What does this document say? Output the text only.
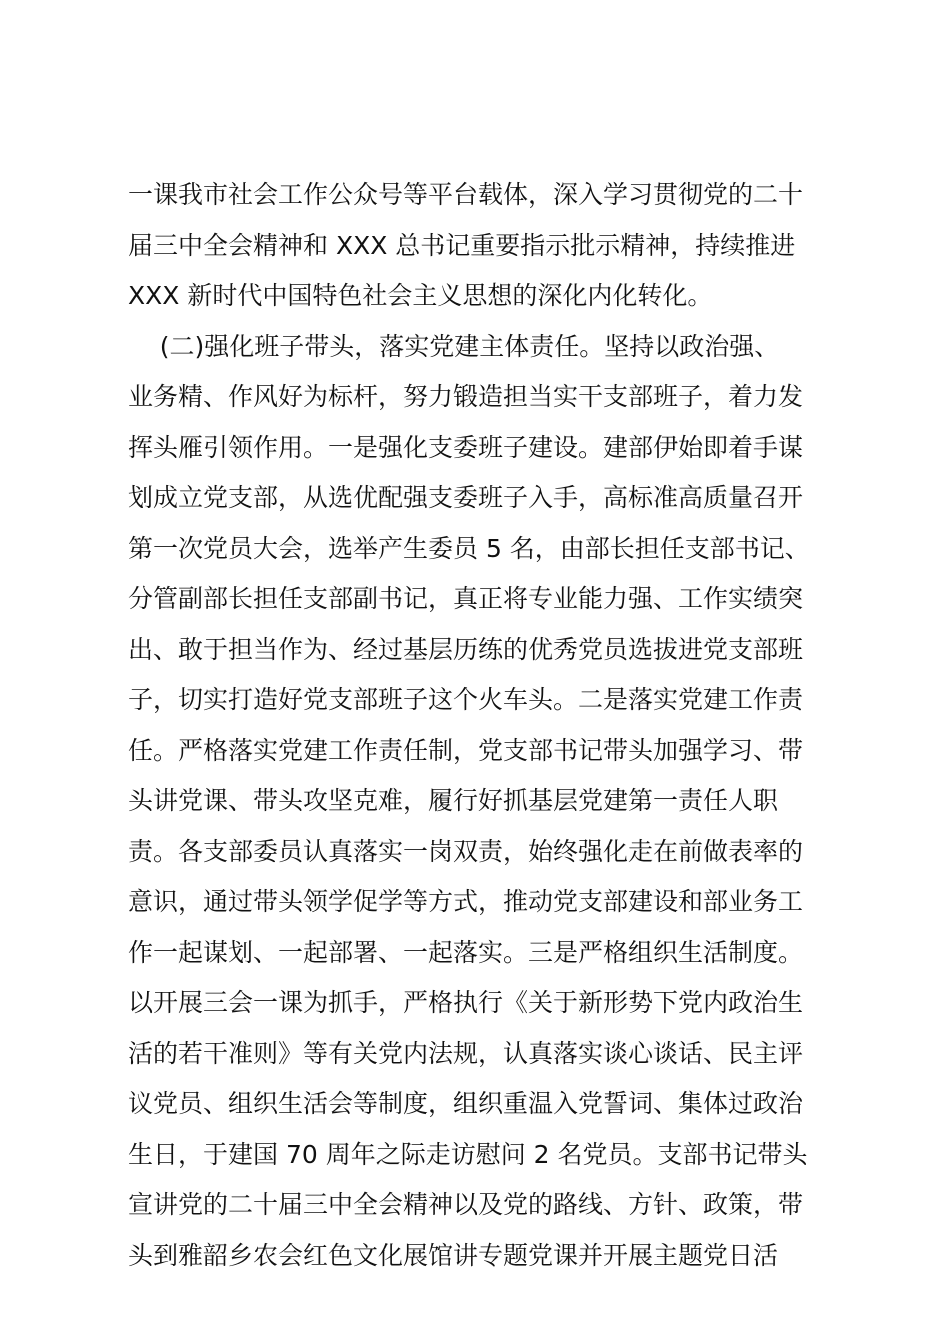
一课我市社会工作公众号等平台载体，深入学习贯彻党的二十
届三中全会精神和 XXX 总书记重要指示批示精神，持续推进
XXX 新时代中国特色社会主义思想的深化内化转化。
(二)强化班子带头，落实党建主体责任。坚持以政治强、
业务精、作风好为标杆，努力锻造担当实干支部班子，着力发
挥头雁引领作用。一是强化支委班子建设。建部伊始即着手谋
划成立党支部，从选优配强支委班子入手，高标准高质量召开
第一次党员大会，选举产生委员 5 名，由部长担任支部书记、
分管副部长担任支部副书记，真正将专业能力强、工作实绩突
出、敢于担当作为、经过基层历练的优秀党员选拔进党支部班
子，切实打造好党支部班子这个火车头。二是落实党建工作责
任。严格落实党建工作责任制，党支部书记带头加强学习、带
头讲党课、带头攻坚克难，履行好抓基层党建第一责任人职
责。各支部委员认真落实一岗双责，始终强化走在前做表率的
意识，通过带头领学促学等方式，推动党支部建设和部业务工
作一起谋划、一起部署、一起落实。三是严格组织生活制度。
以开展三会一课为抓手，严格执行《关于新形势下党内政治生
活的若干准则》等有关党内法规，认真落实谈心谈话、民主评
议党员、组织生活会等制度，组织重温入党誓词、集体过政治
生日，于建国 70 周年之际走访慰问 2 名党员。支部书记带头
宣讲党的二十届三中全会精神以及党的路线、方针、政策，带
头到雅韶乡农会红色文化展馆讲专题党课并开展主题党日活
